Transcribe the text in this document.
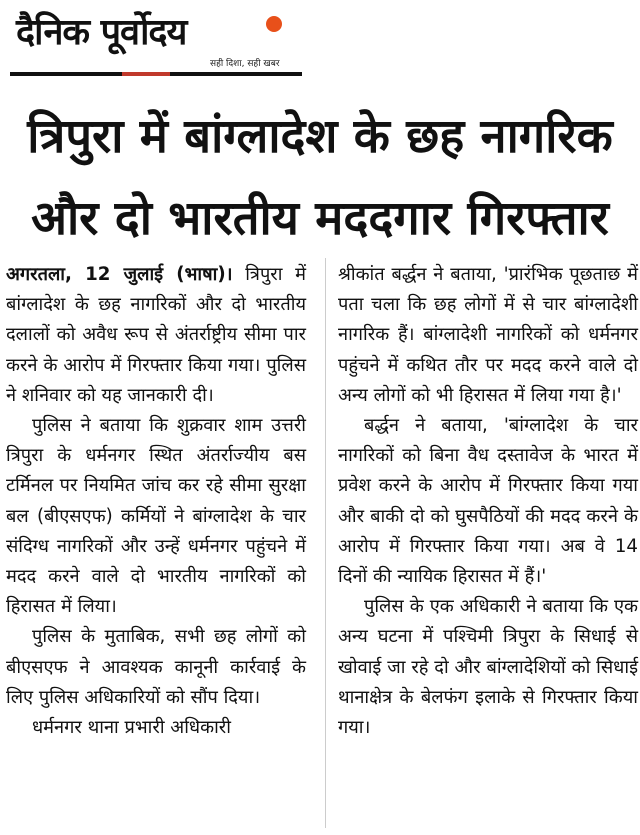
दैनिक पूर्वोदय
सही दिशा, सही खबर
त्रिपुरा में बांग्लादेश के छह नागरिक और दो भारतीय मददगार गिरफ्तार

अगरतला, 12 जुलाई (भाषा)। त्रिपुरा में बांग्लादेश के छह नागरिकों और दो भारतीय दलालों को अवैध रूप से अंतर्राष्ट्रीय सीमा पार करने के आरोप में गिरफ्तार किया गया। पुलिस ने शनिवार को यह जानकारी दी।

पुलिस ने बताया कि शुक्रवार शाम उत्तरी त्रिपुरा के धर्मनगर स्थित अंतर्राज्यीय बस टर्मिनल पर नियमित जांच कर रहे सीमा सुरक्षा बल (बीएसएफ) कर्मियों ने बांग्लादेश के चार संदिग्ध नागरिकों और उन्हें धर्मनगर पहुंचने में मदद करने वाले दो भारतीय नागरिकों को हिरासत में लिया।

पुलिस के मुताबिक, सभी छह लोगों को बीएसएफ ने आवश्यक कानूनी कार्रवाई के लिए पुलिस अधिकारियों को सौंप दिया।

धर्मनगर थाना प्रभारी अधिकारी

श्रीकांत बर्द्धन ने बताया, 'प्रारंभिक पूछताछ में पता चला कि छह लोगों में से चार बांग्लादेशी नागरिक हैं। बांग्लादेशी नागरिकों को धर्मनगर पहुंचने में कथित तौर पर मदद करने वाले दो अन्य लोगों को भी हिरासत में लिया गया है।'

बर्द्धन ने बताया, 'बांग्लादेश के चार नागरिकों को बिना वैध दस्तावेज के भारत में प्रवेश करने के आरोप में गिरफ्तार किया गया और बाकी दो को घुसपैठियों की मदद करने के आरोप में गिरफ्तार किया गया। अब वे 14 दिनों की न्यायिक हिरासत में हैं।'

पुलिस के एक अधिकारी ने बताया कि एक अन्य घटना में पश्चिमी त्रिपुरा के सिधाई से खोवाई जा रहे दो और बांग्लादेशियों को सिधाई थानाक्षेत्र के बेलफंग इलाके से गिरफ्तार किया गया।
